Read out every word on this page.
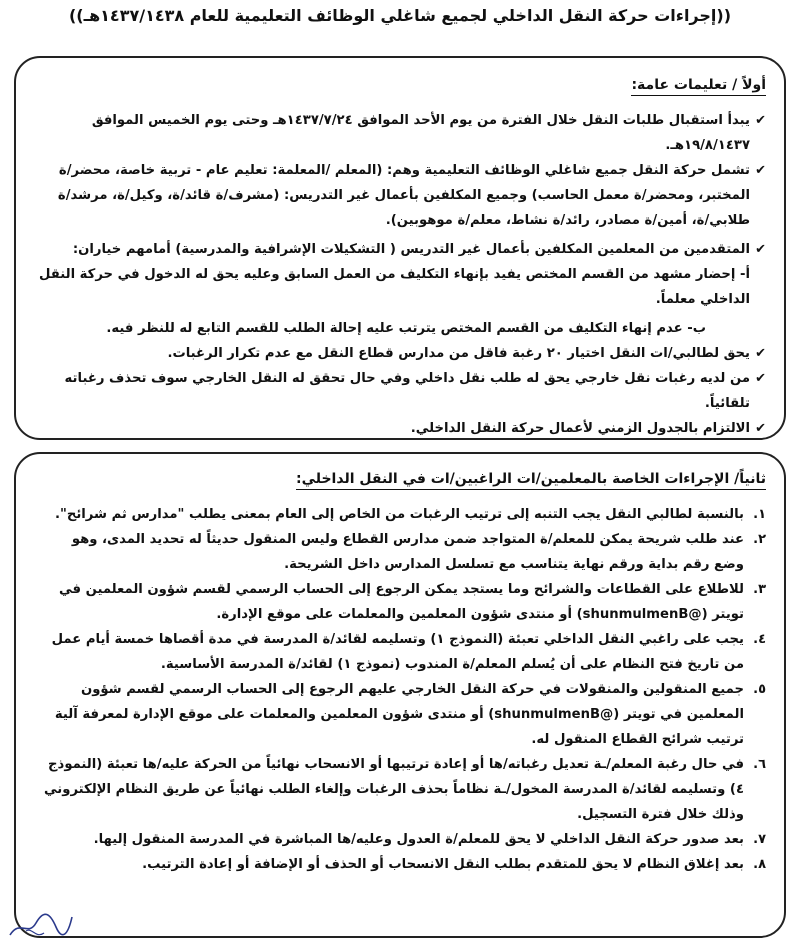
((إجراءات حركة النقل الداخلي لجميع شاغلي الوظائف التعليمية للعام ١٤٣٧/١٤٣٨هـ))
أولاً / تعليمات عامة:

✔
يبدأ استقبال طلبات النقل خلال الفترة من يوم الأحد الموافق ١٤٣٧/٧/٢٤هـ وحتى يوم الخميس الموافق ١٩/٨/١٤٣٧هـ.

✔
تشمل حركة النقل جميع شاغلي الوظائف التعليمية وهم: (المعلم /المعلمة: تعليم عام - تربية خاصة، محضر/ة المختبر، ومحضر/ة معمل الحاسب) وجميع المكلفين بأعمال غير التدريس: (مشرف/ة قائد/ة، وكيل/ة، مرشد/ة طلابي/ة، أمين/ة مصادر، رائد/ة نشاط، معلم/ة موهوبين).

✔
المتقدمين من المعلمين المكلفين بأعمال غير التدريس ( التشكيلات الإشرافية والمدرسية) أمامهم خياران:

أ- إحضار مشهد من القسم المختص يفيد بإنهاء التكليف من العمل السابق وعليه يحق له الدخول في حركة النقل الداخلي معلماً.

ب- عدم إنهاء التكليف من القسم المختص يترتب عليه إحالة الطلب للقسم التابع له للنظر فيه.

✔
يحق لطالبي/ات النقل اختيار ٢٠ رغبة فاقل من مدارس قطاع النقل مع عدم تكرار الرغبات.

✔
من لديه رغبات نقل خارجي يحق له طلب نقل داخلي وفي حال تحقق له النقل الخارجي سوف تحذف رغباته تلقائياً.

✔
الالتزام بالجدول الزمني لأعمال حركة النقل الداخلي.

ثانياً/ الإجراءات الخاصة بالمعلمين/ات الراغبين/ات في النقل الداخلي:

١.
بالنسبة لطالبي النقل يجب التنبه إلى ترتيب الرغبات من الخاص إلى العام بمعنى يطلب "مدارس ثم شرائح".

٢.
عند طلب شريحة يمكن للمعلم/ة المتواجد ضمن مدارس القطاع وليس المنقول حديثاً له تحديد المدى، وهو وضع رقم بداية ورقم نهاية يتناسب مع تسلسل المدارس داخل الشريحة.

٣.
للاطلاع على القطاعات والشرائح وما يستجد يمكن الرجوع إلى الحساب الرسمي لقسم شؤون المعلمين في تويتر (@shunmulmenB) أو منتدى شؤون المعلمين والمعلمات على موقع الإدارة.

٤.
يجب على راغبي النقل الداخلي تعبئة (النموذج ١) وتسليمه لقائد/ة المدرسة في مدة أقصاها خمسة أيام عمل من تاريخ فتح النظام على أن يُسلم المعلم/ة المندوب (نموذج ١) لقائد/ة المدرسة الأساسية.

٥.
جميع المنقولين والمنقولات في حركة النقل الخارجي عليهم الرجوع إلى الحساب الرسمي لقسم شؤون المعلمين في تويتر (@shunmulmenB) أو منتدى شؤون المعلمين والمعلمات على موقع الإدارة لمعرفة آلية ترتيب شرائح القطاع المنقول له.

٦.
في حال رغبة المعلم/ـة تعديل رغباته/ها أو إعادة ترتيبها أو الانسحاب نهائياً من الحركة عليه/ها تعبئة (النموذج ٤) وتسليمه لقائد/ة المدرسة المخول/ـة نظاماً بحذف الرغبات وإلغاء الطلب نهائياً عن طريق النظام الإلكتروني وذلك خلال فترة التسجيل.

٧.
بعد صدور حركة النقل الداخلي لا يحق للمعلم/ة العدول وعليه/ها المباشرة في المدرسة المنقول إليها.

٨.
بعد إغلاق النظام لا يحق للمتقدم بطلب النقل الانسحاب أو الحذف أو الإضافة أو إعادة الترتيب.
